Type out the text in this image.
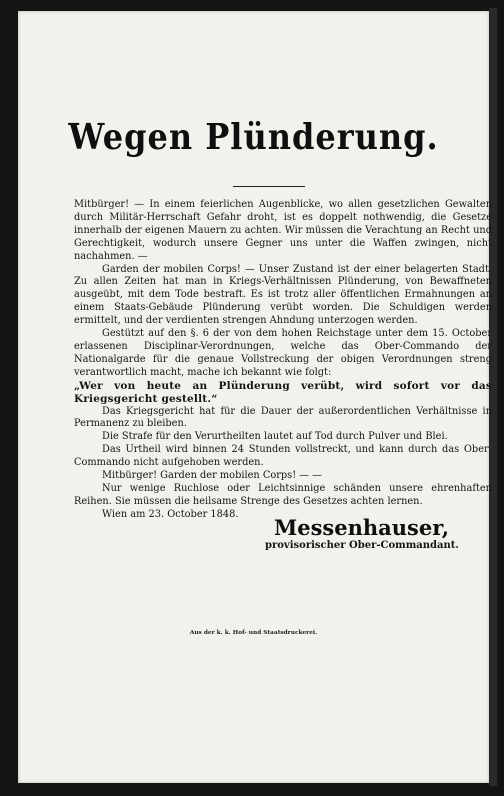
Wegen Plünderung.

Mitbürger! — In einem feierlichen Augenblicke, wo allen gesetzlichen Gewalten durch Militär-Herrschaft Gefahr droht, ist es doppelt nothwendig, die Gesetze innerhalb der eigenen Mauern zu achten. Wir müssen die Verachtung an Recht und Gerechtigkeit, wodurch unsere Gegner uns unter die Waffen zwingen, nicht nachahmen. —

Garden der mobilen Corps! — Unser Zustand ist der einer belagerten Stadt. Zu allen Zeiten hat man in Kriegs-Verhältnissen Plünderung, von Bewaffneten ausgeübt, mit dem Tode bestraft. Es ist trotz aller öffentlichen Ermahnungen an einem Staats-Gebäude Plünderung verübt worden. Die Schuldigen werden ermittelt, und der verdienten strengen Ahndung unterzogen werden.

Gestützt auf den §. 6 der von dem hohen Reichstage unter dem 15. October erlassenen Disciplinar-Verordnungen, welche das Ober-Commando der Nationalgarde für die genaue Vollstreckung der obigen Verordnungen streng verantwortlich macht, mache ich bekannt wie folgt:

„Wer von heute an Plünderung verübt, wird sofort vor das Kriegsgericht gestellt.“

Das Kriegsgericht hat für die Dauer der außerordentlichen Verhältnisse in Permanenz zu bleiben.

Die Strafe für den Verurtheilten lautet auf Tod durch Pulver und Blei.

Das Urtheil wird binnen 24 Stunden vollstreckt, und kann durch das Ober-Commando nicht aufgehoben werden.

Mitbürger! Garden der mobilen Corps! — —

Nur wenige Ruchlose oder Leichtsinnige schänden unsere ehrenhaften Reihen. Sie müssen die heilsame Strenge des Gesetzes achten lernen.

Wien am 23. October 1848.

Messenhauser,
provisorischer Ober-Commandant.
Aus der k. k. Hof- und Staatsdruckerei.
